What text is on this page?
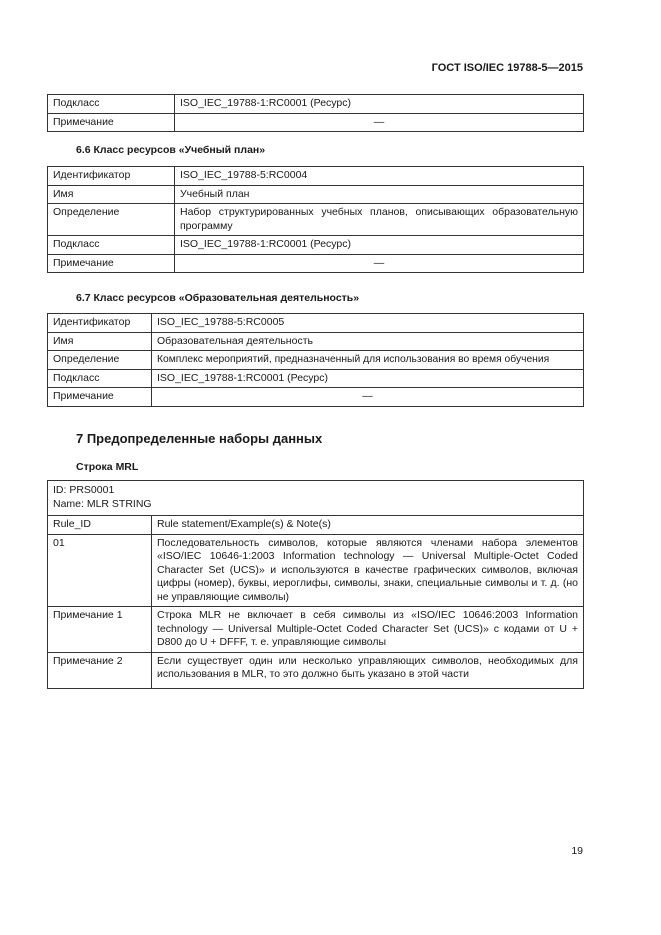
ГОСТ ISO/IEC 19788-5—2015
Подкласс	ISO_IEC_19788-1:RC0001 (Ресурс)
Примечание	—
6.6 Класс ресурсов «Учебный план»
Идентификатор	ISO_IEC_19788-5:RC0004
Имя	Учебный план
Определение	Набор структурированных учебных планов, описывающих образовательную программу
Подкласс	ISO_IEC_19788-1:RC0001 (Ресурс)
Примечание	—
6.7 Класс ресурсов «Образовательная деятельность»
Идентификатор	ISO_IEC_19788-5:RC0005
Имя	Образовательная деятельность
Определение	Комплекс мероприятий, предназначенный для использования во время обучения
Подкласс	ISO_IEC_19788-1:RC0001 (Ресурс)
Примечание	—
7 Предопределенные наборы данных
Строка MRL
ID: PRS0001
Name: MLR STRING	

Rule_ID	Rule statement/Example(s) & Note(s)
01	Последовательность символов, которые являются членами набора элементов «ISO/IEC 10646-1:2003 Information technology — Universal Multiple-Octet Coded Character Set (UCS)» и используются в качестве графических символов, включая цифры (номер), буквы, иероглифы, символы, знаки, специальные символы и т. д. (но не управляющие символы)
Примечание 1	Строка MLR не включает в себя символы из «ISO/IEC 10646:2003 Information technology — Universal Multiple-Octet Coded Character Set (UCS)» с кодами от U + D800 до U + DFFF, т. е. управляющие символы
Примечание 2	Если существует один или несколько управляющих символов, необходимых для использования в MLR, то это должно быть указано в этой части
19
